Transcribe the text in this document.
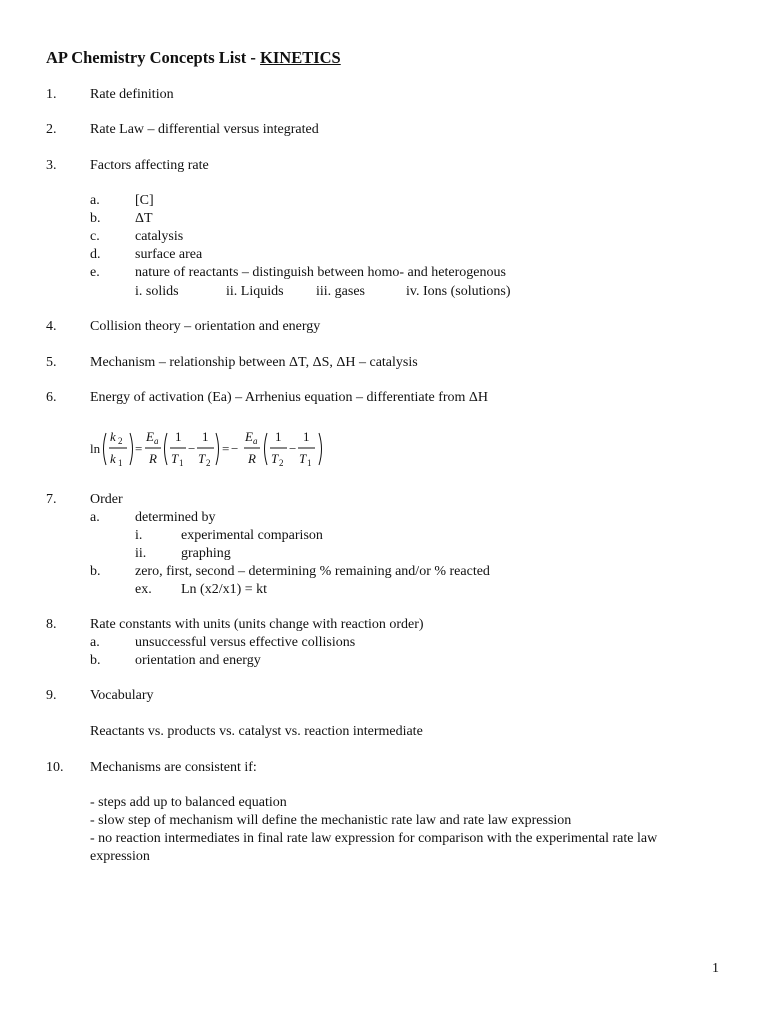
AP Chemistry Concepts List - KINETICS
1. Rate definition
2. Rate Law – differential versus integrated
3. Factors affecting rate
a.	[C]
b. ΔT
c.	catalysis
d. surface area
e.	nature of reactants – distinguish between homo- and heterogenous
i. solids	ii. Liquids iii. gases	iv. Ions (solutions)
4. Collision theory – orientation and energy
5. Mechanism – relationship between ΔT, ΔS, ΔH – catalysis
6. Energy of activation (Ea) – Arrhenius equation – differentiate from ΔH
ln
k 2
k 1
=
E a
R
1
T 1
−
1
T 2
= −
E a
R
1
T 2
−
1
T 1
7. Order
a.	determined by
i.	experimental comparison
ii. graphing
b. zero, first, second – determining % remaining and/or % reacted
ex. Ln (x2/x1) = kt
8. Rate constants with units (units change with reaction order)
a.	unsuccessful versus effective collisions
b. orientation and energy
9. Vocabulary
Reactants vs. products vs. catalyst vs. reaction intermediate
10. Mechanisms are consistent if:
- steps add up to balanced equation
- slow step of mechanism will define the mechanistic rate law and rate law expression
- no reaction intermediates in final rate law expression for comparison with the experimental rate law
expression
1
